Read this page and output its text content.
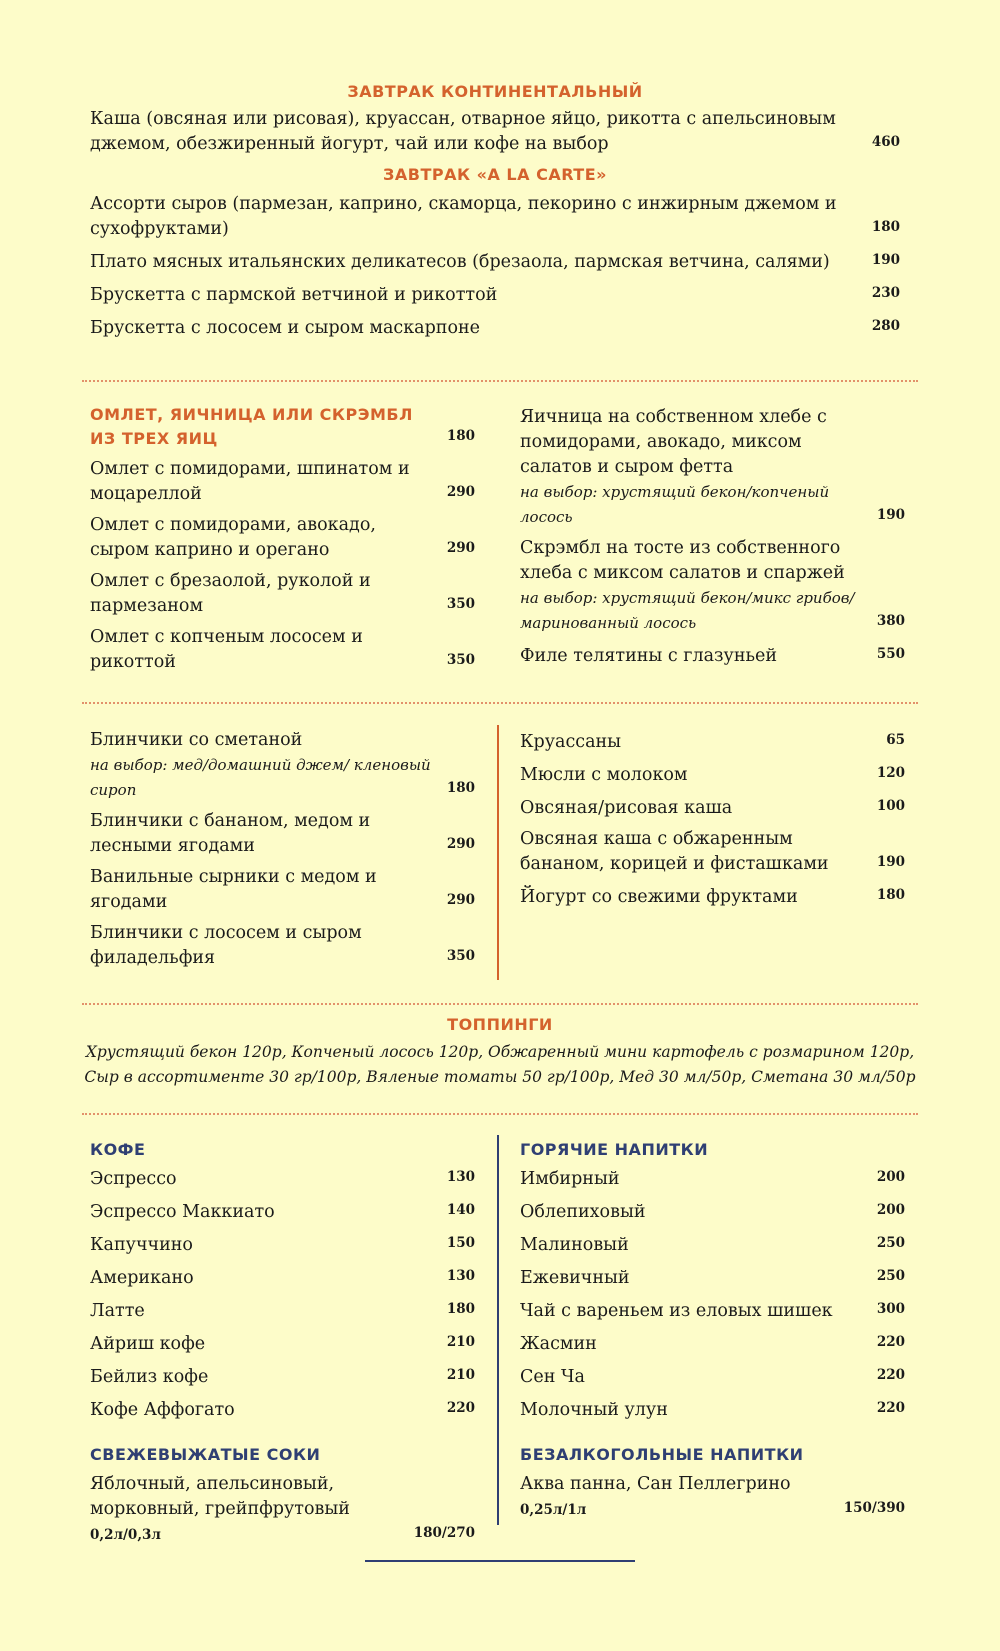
ЗАВТРАК КОНТИНЕНТАЛЬНЫЙ
Каша (овсяная или рисовая), круассан, отварное яйцо, рикотта с апельсиновым джемом, обезжиренный йогурт, чай или кофе на выбор	460
ЗАВТРАК «A LA CARTE»
Ассорти сыров (пармезан, каприно, скаморца, пекорино с инжирным джемом и сухофруктами)	180
Плато мясных итальянских деликатесов (брезаола, пармская ветчина, салями)	190
Брускетта с пармской ветчиной и рикоттой	230
Брускетта с лососем и сыром маскарпоне	280
ОМЛЕТ, ЯИЧНИЦА ИЛИ СКРЭМБЛ
ИЗ ТРЕХ ЯИЦ	180
Омлет с помидорами, шпинатом и моцареллой	290
Омлет с помидорами, авокадо, сыром каприно и орегано	290
Омлет с брезаолой, руколой и пармезаном	350
Омлет с копченым лососем и рикоттой	350
Яичница на собственном хлебе с помидорами, авокадо, миксом салатов и сыром фетта
на выбор: хрустящий бекон/копченый лосось	190
Скрэмбл на тосте из собственного хлеба с миксом салатов и спаржей
на выбор: хрустящий бекон/микс грибов/маринованный лосось	380
Филе телятины с глазуньей	550
Блинчики со сметаной
на выбор: мед/домашний джем/ кленовый сироп	180
Блинчики с бананом, медом и лесными ягодами	290
Ванильные сырники с медом и ягодами	290
Блинчики с лососем и сыром филадельфия	350
Круассаны	65
Мюсли с молоком	120
Овсяная/рисовая каша	100
Овсяная каша с обжаренным бананом, корицей и фисташками	190
Йогурт со свежими фруктами	180
ТОППИНГИ
Хрустящий бекон 120р, Копченый лосось 120р, Обжаренный мини картофель с розмарином 120р,
Сыр в ассортименте 30 гр/100р, Вяленые томаты 50 гр/100р, Мед 30 мл/50р, Сметана 30 мл/50р
КОФЕ
Эспрессо	130
Эспрессо Маккиато	140
Капуччино	150
Американо	130
Латте	180
Айриш кофе	210
Бейлиз кофе	210
Кофе Аффогато	220
СВЕЖЕВЫЖАТЫЕ СОКИ
Яблочный, апельсиновый,
морковный, грейпфрутовый 0,2л/0,3л	180/270
ГОРЯЧИЕ НАПИТКИ
Имбирный	200
Облепиховый	200
Малиновый	250
Ежевичный	250
Чай с вареньем из еловых шишек	300
Жасмин	220
Сен Ча	220
Молочный улун	220
БЕЗАЛКОГОЛЬНЫЕ НАПИТКИ
Аква панна, Сан Пеллегрино 0,25л/1л	150/390
